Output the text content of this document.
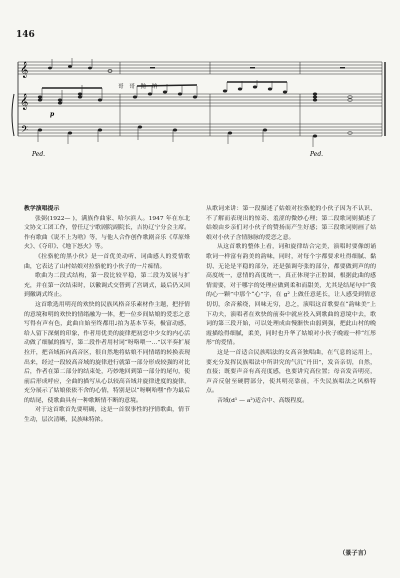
146
𝄞
𝄞
𝄢
Ped.	Ped.
p
哥 哥 抛 纳

教学演唱提示

张弼(1922— )，满族作曲家、哈尔滨人。1947 年在东北文协文工团工作，曾任辽宁歌剧院副院长，吉协辽宁分会主席。作有歌曲《说不上为啥》等，与他人合作创作歌剧音乐《草原烽火》、《夺印》、《地下怒火》等。

《拉骆驼的黑小伙》是一首优美动听、词曲感人的爱情歌曲，它表达了山村姑娘对拉骆驼的小伙子的一片痴情。

歌曲为二段式结构，第一段比较平稳，第二段为发展与扩充，并在第一次结束时，以徽调式交替到了宫调式，最后仍又回到徽调式终止。

这首歌选用明亮的欢快的民族风格音乐素材作主题，把抒情的意境和明的欢快的情绪融为一体，把一位乡间姑娘的爱恋之意写得有声有色，此曲自始至终都用♩拍为基本节奏，极富动感，给人留下深刻的印象，作者用优美的旋律把初恋中少女的内心活动做了细腻的描写，第二段作者用衬词“呀咯喂一…”以平奏扩展拉开，把音域拓向高音区，很自然地将姑娘不同情绪的转换表现出来，经过一段较高音域的旋律进行就第一部分形成较强的对比后，作者在第二部分的结束处，巧妙地回到第一部分的尾句，使前后形成呼应，全曲的描写从心以较高音域并旋律进度的旋律，充分展示了姑娘依依不舍的心情，特别是以“呀啊哈嘿”作为最后的结尾，使歌曲具有一种歌断情不断的意境。

对于这首歌首先要明确，这是一首叙事性的抒情歌曲，情节生动，层次清晰，民族味特浓。

从歌词来讲：第一段描述了姑娘对拉骆驼的小伙子因为不认识、不了解而表现出的惊奇、羞涩的微妙心理；第二段歌词则描述了姑娘由乡亲们对小伙子的赞扬而产生好感；第三段歌词则画了姑娘对小伙子含情脉脉的爱恋之意。

从这首歌的整体上看，词和旋律结合完美，演唱时要像朗诵歌词一样富有韵美的韵味，同时，对每个字都要求吐得细腻、黏切、无论是平稳的部分，还是强调夸张的部分，都要做到声的的高度统一，意情的高度统一，真正体现字正腔圆，根据此曲的感情需要，对于哪字的处理应做到柔和而甜美，尤其是结尾句中“我的心一颗”中那个“心”字，在 g² 上做任意延长，让人感受到情意切切，余音萦绕，回味无穷，总之，演唱这首歌要在“韵味美”上下功夫，演唱者在欢快的前奏中就应投入到歌曲的意境中去，歌词的第三段开始，可以处理成由慢渐快由弱到强，把此山村的晚霞描绘得细腻，柔美，同时也升华了姑娘对小伙子晚霞一样“红彤彤”的爱情。

这是一首适合民族唱法的女高音独唱曲，在气息的运用上，要充分发挥民族唱法中所讲究的气沉“丹田”，发音亲切，自然，直接；既要声音有高亮度感，也要讲究高位置；母音发音明亮，声音反射至硬腭部分，使其明亮靠前，不失民族唱法之风格特点。

音域(d¹ — a²)适合中、高级程度。

（景子言）
